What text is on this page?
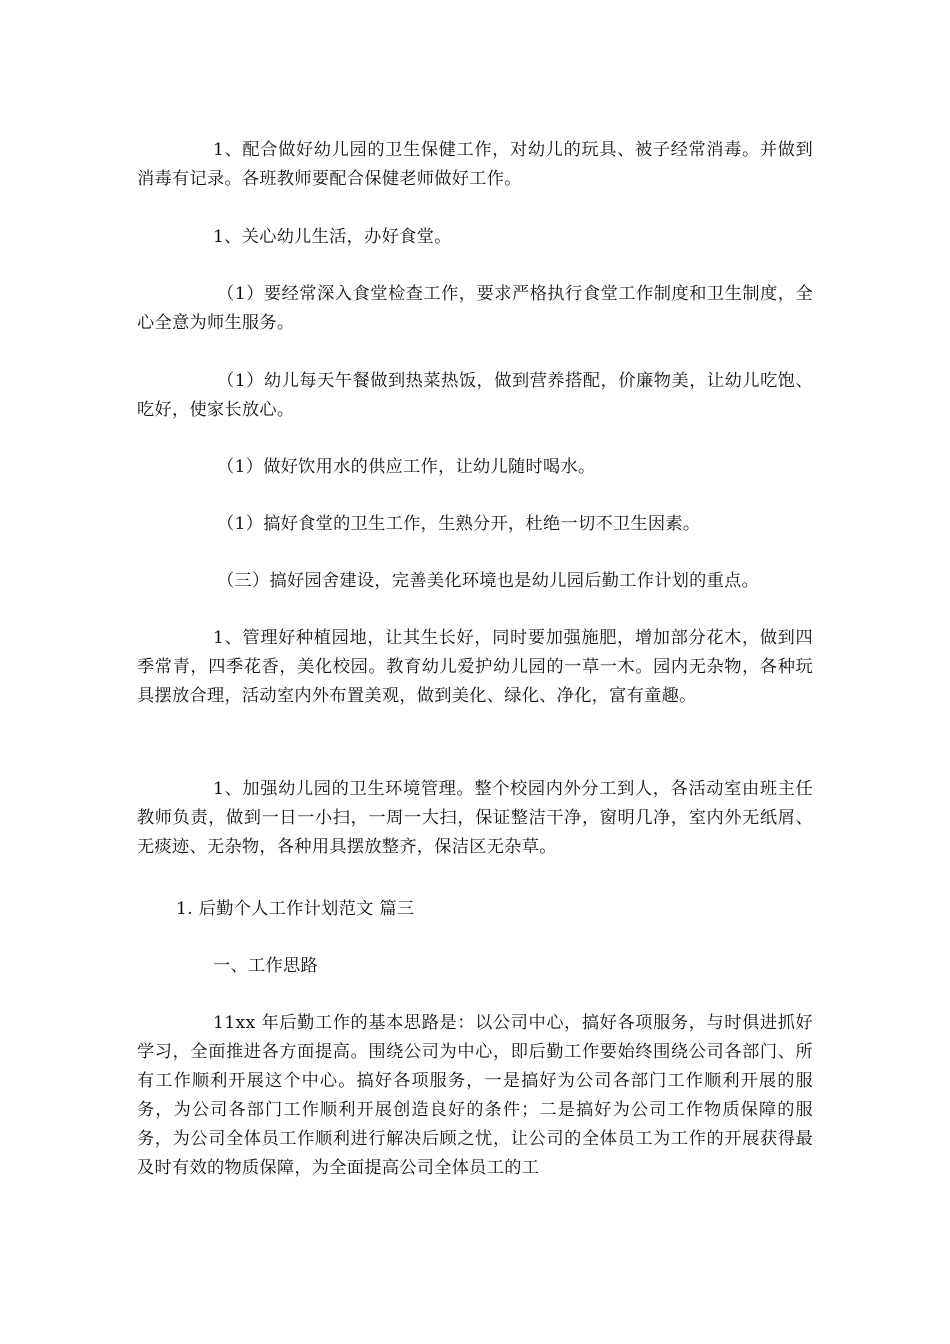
1、配合做好幼儿园的卫生保健工作，对幼儿的玩具、被子经常消毒。并做到消毒有记录。各班教师要配合保健老师做好工作。

1、关心幼儿生活，办好食堂。

（1）要经常深入食堂检查工作，要求严格执行食堂工作制度和卫生制度，全心全意为师生服务。

（1）幼儿每天午餐做到热菜热饭，做到营养搭配，价廉物美，让幼儿吃饱、吃好，使家长放心。

（1）做好饮用水的供应工作，让幼儿随时喝水。

（1）搞好食堂的卫生工作，生熟分开，杜绝一切不卫生因素。

（三）搞好园舍建设，完善美化环境也是幼儿园后勤工作计划的重点。

1、管理好种植园地，让其生长好，同时要加强施肥，增加部分花木，做到四季常青，四季花香，美化校园。教育幼儿爱护幼儿园的一草一木。园内无杂物，各种玩具摆放合理，活动室内外布置美观，做到美化、绿化、净化，富有童趣。

1、加强幼儿园的卫生环境管理。整个校园内外分工到人，各活动室由班主任教师负责，做到一日一小扫，一周一大扫，保证整洁干净，窗明几净，室内外无纸屑、无痰迹、无杂物，各种用具摆放整齐，保洁区无杂草。

1. 后勤个人工作计划范文 篇三

一、工作思路

11xx 年后勤工作的基本思路是：以公司中心，搞好各项服务，与时俱进抓好学习，全面推进各方面提高。围绕公司为中心，即后勤工作要始终围绕公司各部门、所有工作顺利开展这个中心。搞好各项服务，一是搞好为公司各部门工作顺利开展的服务，为公司各部门工作顺利开展创造良好的条件；二是搞好为公司工作物质保障的服务，为公司全体员工作顺利进行解决后顾之忧，让公司的全体员工为工作的开展获得最及时有效的物质保障，为全面提高公司全体员工的工
